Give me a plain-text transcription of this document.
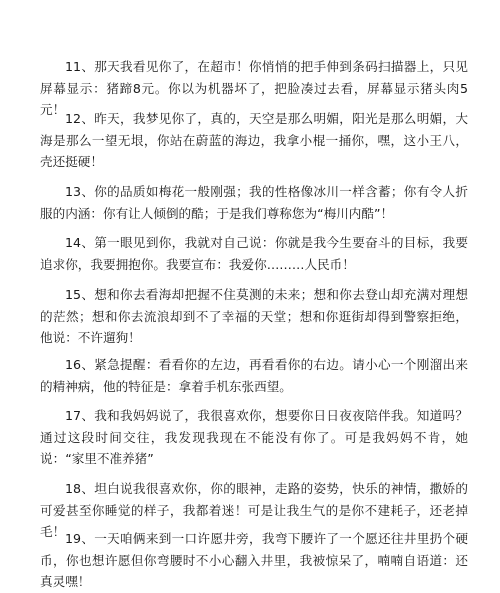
11、那天我看见你了，在超市！你悄悄的把手伸到条码扫描器上，只见屏幕显示：猪蹄8元。你以为机器坏了，把脸凑过去看，屏幕显示猪头肉5元！

12、昨天，我梦见你了，真的，天空是那么明媚，阳光是那么明媚，大海是那么一望无垠，你站在蔚蓝的海边，我拿小棍一捅你，嘿，这小王八，壳还挺硬！

13、你的品质如梅花一般刚强；我的性格像冰川一样含蓄；你有令人折服的内涵：你有让人倾倒的酷；于是我们尊称您为“梅川内酷”！

14、第一眼见到你，我就对自己说：你就是我今生要奋斗的目标，我要追求你，我要拥抱你。我要宣布：我爱你………人民币！

15、想和你去看海却把握不住莫测的未来；想和你去登山却充满对理想的茫然；想和你去流浪却到不了幸福的天堂；想和你逛街却得到警察拒绝，他说：不许遛狗！

16、紧急提醒：看看你的左边，再看看你的右边。请小心一个刚溜出来的精神病，他的特征是：拿着手机东张西望。

17、我和我妈妈说了，我很喜欢你，想要你日日夜夜陪伴我。知道吗？通过这段时间交往，我发现我现在不能没有你了。可是我妈妈不肯，她说：“家里不准养猪”

18、坦白说我很喜欢你，你的眼神，走路的姿势，快乐的神情，撒娇的可爱甚至你睡觉的样子，我都着迷！可是让我生气的是你不建耗子，还老掉毛！ 19、一天咱俩来到一口许愿井旁，我弯下腰许了一个愿还往井里扔个硬币，你也想许愿但你弯腰时不小心翻入井里，我被惊呆了，喃喃自语道：还真灵嘿！
